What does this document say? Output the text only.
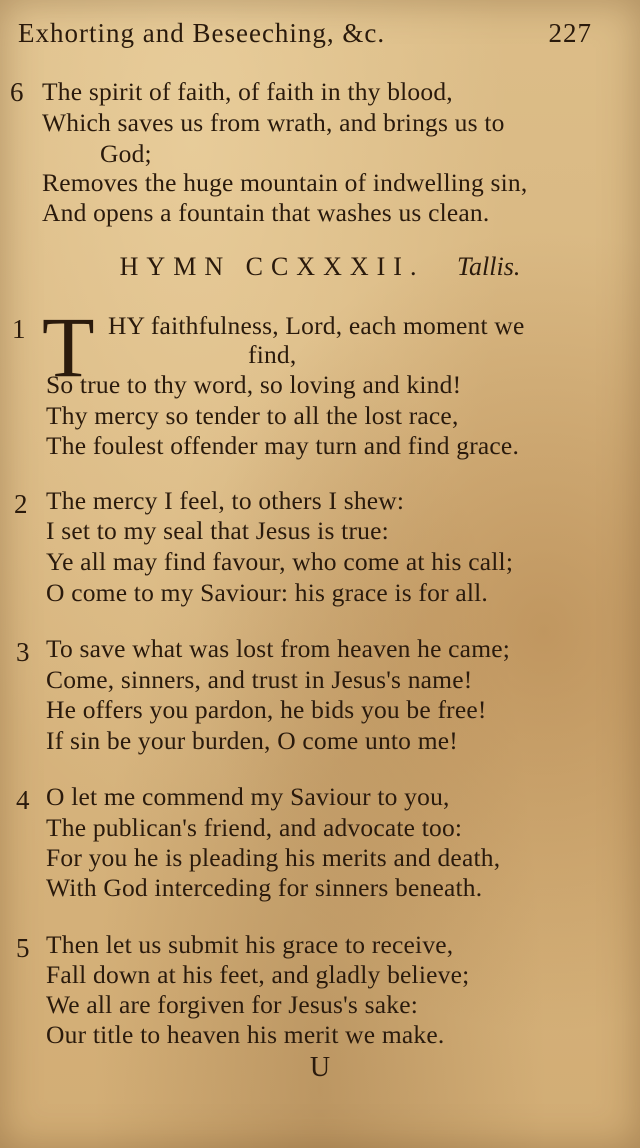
Exhorting and Beseeching, &c.	227
6 The spirit of faith, of faith in thy blood,
Which saves us from wrath, and brings us to
God;
Removes the huge mountain of indwelling sin,
And opens a fountain that washes us clean.
HYMN CCXXXII. Tallis.
1 T HY faithfulness, Lord, each moment we
find,
So true to thy word, so loving and kind!
Thy mercy so tender to all the lost race,
The foulest offender may turn and find grace.
2 The mercy I feel, to others I shew:
I set to my seal that Jesus is true:
Ye all may find favour, who come at his call;
O come to my Saviour: his grace is for all.
3 To save what was lost from heaven he came;
Come, sinners, and trust in Jesus's name!
He offers you pardon, he bids you be free!
If sin be your burden, O come unto me!
4 O let me commend my Saviour to you,
The publican's friend, and advocate too:
For you he is pleading his merits and death,
With God interceding for sinners beneath.
5 Then let us submit his grace to receive,
Fall down at his feet, and gladly believe;
We all are forgiven for Jesus's sake:
Our title to heaven his merit we make.
U
